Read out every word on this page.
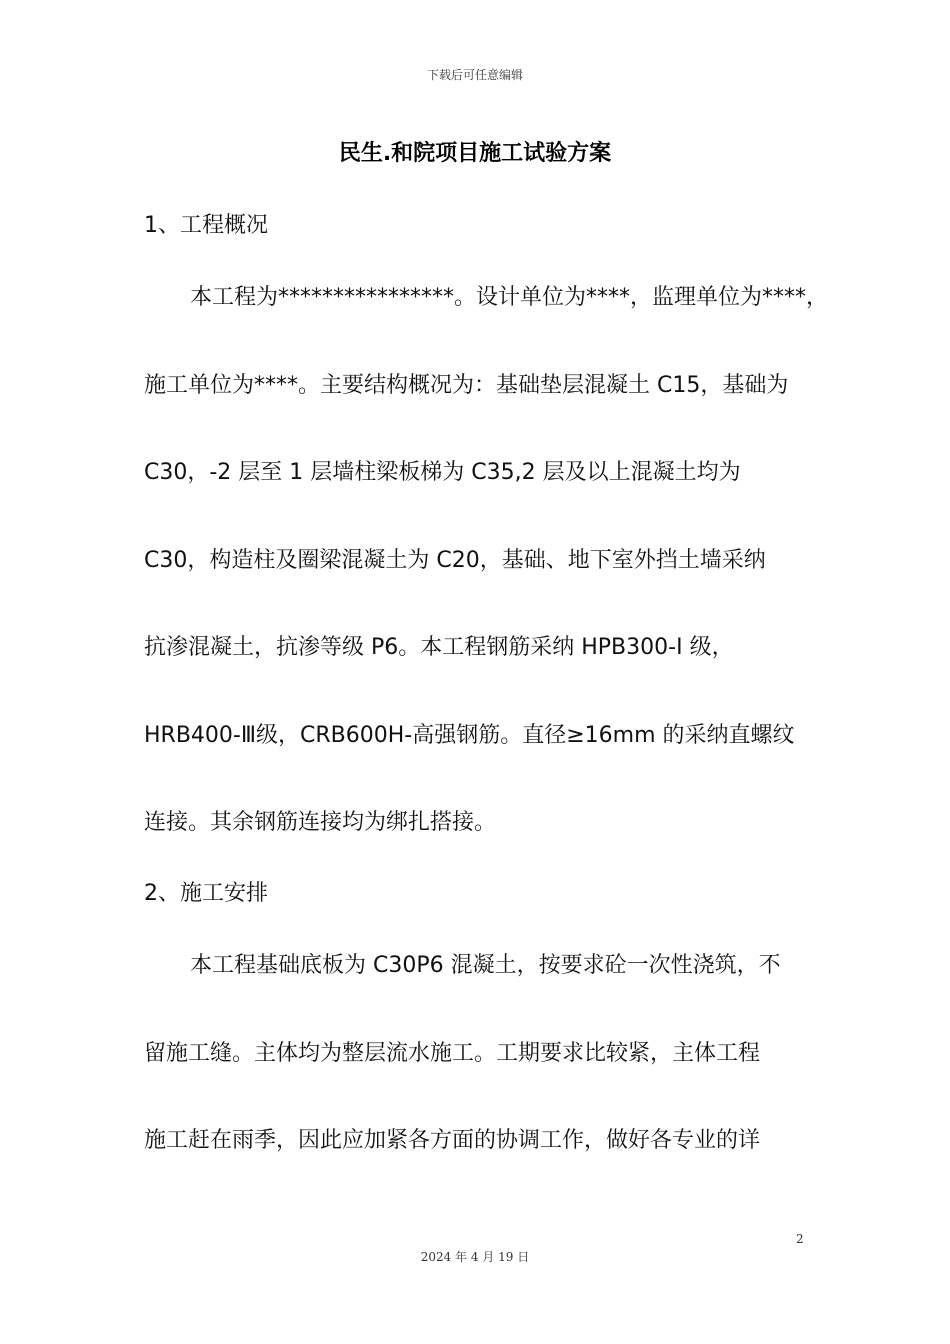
下载后可任意编辑
民生.和院项目施工试验方案
1、工程概况
本工程为****************。设计单位为****，监理单位为****，
施工单位为****。主要结构概况为：基础垫层混凝土 C15，基础为
C30，-2 层至 1 层墙柱梁板梯为 C35,2 层及以上混凝土均为
C30，构造柱及圈梁混凝土为 C20，基础、地下室外挡土墙采纳
抗渗混凝土，抗渗等级 P6。本工程钢筋采纳 HPB300-Ⅰ 级，
HRB400-Ⅲ级，CRB600H-高强钢筋。直径≥16mm 的采纳直螺纹
连接。其余钢筋连接均为绑扎搭接。
2、施工安排
本工程基础底板为 C30P6 混凝土，按要求砼一次性浇筑，不
留施工缝。主体均为整层流水施工。工期要求比较紧，主体工程
施工赶在雨季，因此应加紧各方面的协调工作，做好各专业的详
2
2024 年 4 月 19 日
